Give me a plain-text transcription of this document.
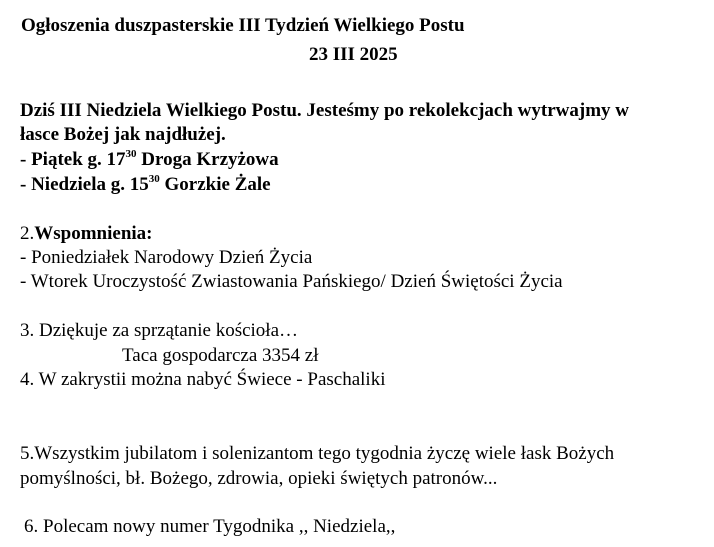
Ogłoszenia duszpasterskie III Tydzień Wielkiego Postu
23 III 2025
Dziś III Niedziela Wielkiego Postu. Jesteśmy po rekolekcjach wytrwajmy w
łasce Bożej jak najdłużej.
- Piątek g. $17^{30}$ Droga Krzyżowa
- Niedziela g. $15^{30}$ Gorzkie Żale
2.Wspomnienia:
- Poniedziałek Narodowy Dzień Życia
- Wtorek Uroczystość Zwiastowania Pańskiego/ Dzień Świętości Życia
3. Dziękuje za sprzątanie kościoła…
Taca gospodarcza 3354 zł
4. W zakrystii można nabyć Świece - Paschaliki
5.Wszystkim jubilatom i solenizantom tego tygodnia życzę wiele łask Bożych
pomyślności, bł. Bożego, zdrowia, opieki świętych patronów...
6. Polecam nowy numer Tygodnika ,, Niedziela,,
